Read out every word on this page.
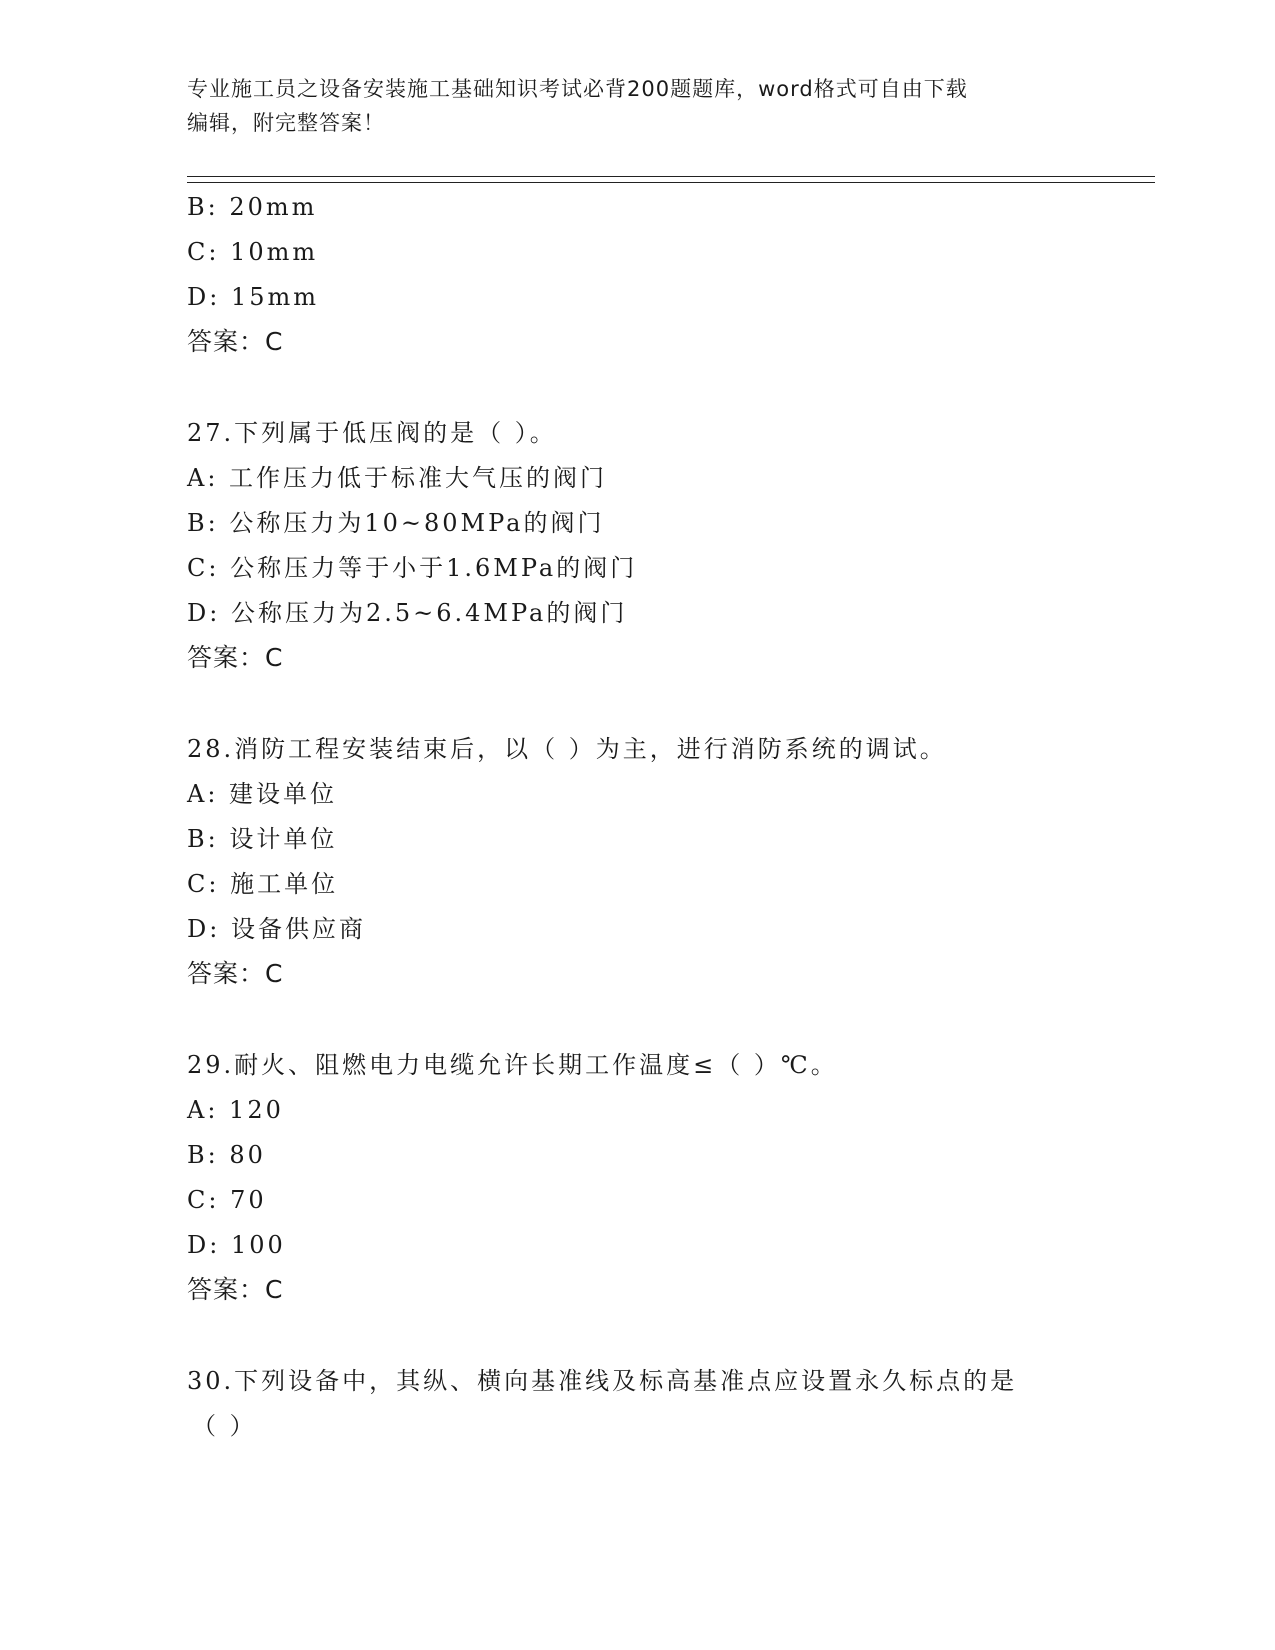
专业施工员之设备安装施工基础知识考试必背200题题库，word格式可自由下载
编辑，附完整答案！
B: 20mm
C: 10mm
D: 15mm
答案：C
27.下列属于低压阀的是（ ）。
A: 工作压力低于标准大气压的阀门
B: 公称压力为10~80MPa的阀门
C: 公称压力等于小于1.6MPa的阀门
D: 公称压力为2.5~6.4MPa的阀门
答案：C
28.消防工程安装结束后，以（ ）为主，进行消防系统的调试。
A: 建设单位
B: 设计单位
C: 施工单位
D: 设备供应商
答案：C
29.耐火、阻燃电力电缆允许长期工作温度≤（ ）℃。
A: 120
B: 80
C: 70
D: 100
答案：C
30.下列设备中，其纵、横向基准线及标高基准点应设置永久标点的是
（ ）
